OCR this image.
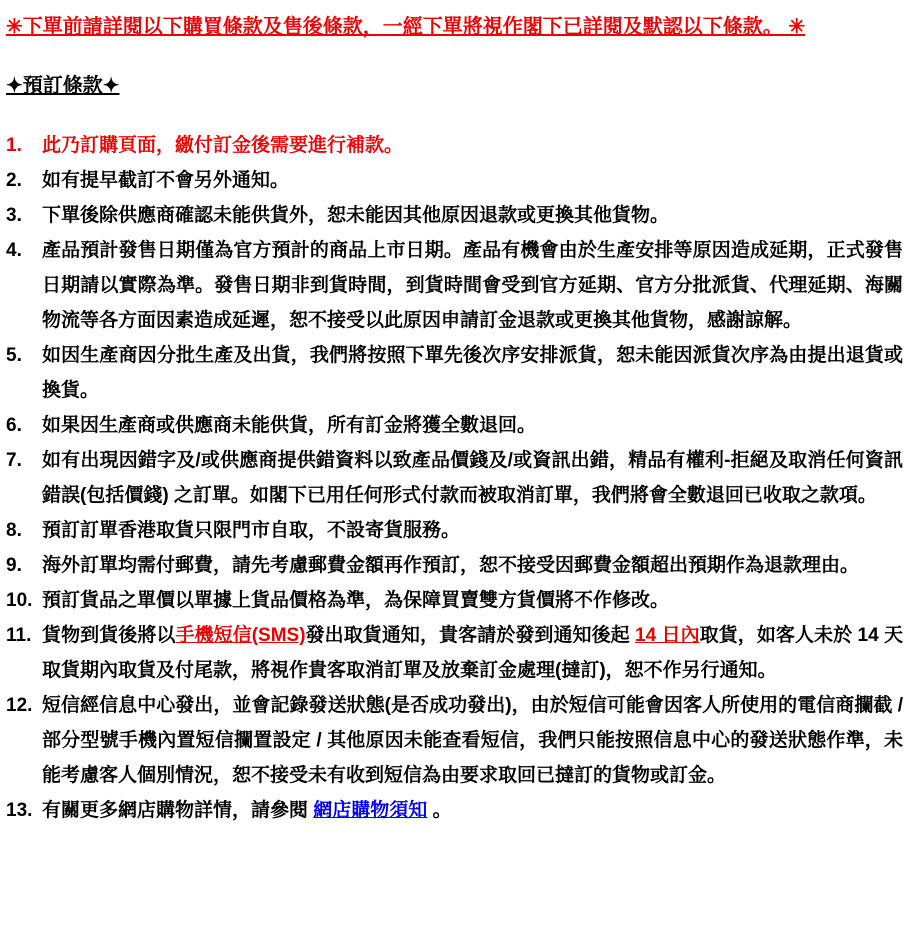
✳下單前請詳閱以下購買條款及售後條款，一經下單將視作閣下已詳閱及默認以下條款。 ✳
✦預訂條款✦
1.	此乃訂購頁面，繳付訂金後需要進行補款。
2.	如有提早截訂不會另外通知。
3.	下單後除供應商確認未能供貨外，恕未能因其他原因退款或更換其他貨物。
4.	產品預計發售日期僅為官方預計的商品上市日期。產品有機會由於生產安排等原因造成延期，正式發售日期請以實際為準。發售日期非到貨時間，到貨時間會受到官方延期、官方分批派貨、代理延期、海關物流等各方面因素造成延遲，恕不接受以此原因申請訂金退款或更換其他貨物，感謝諒解。
5.	如因生產商因分批生產及出貨，我們將按照下單先後次序安排派貨，恕未能因派貨次序為由提出退貨或換貨。
6.	如果因生產商或供應商未能供貨，所有訂金將獲全數退回。
7.	如有出現因錯字及/或供應商提供錯資料以致產品價錢及/或資訊出錯，精品有權利-拒絕及取消任何資訊錯誤(包括價錢) 之訂單。如閣下已用任何形式付款而被取消訂單，我們將會全數退回已收取之款項。
8.	預訂訂單香港取貨只限門市自取，不設寄貨服務。
9.	海外訂單均需付郵費，請先考慮郵費金額再作預訂，恕不接受因郵費金額超出預期作為退款理由。
10. 預訂貨品之單價以單據上貨品價格為準，為保障買賣雙方貨價將不作修改。
11. 貨物到貨後將以手機短信(SMS)發出取貨通知，貴客請於發到通知後起 14 日內取貨，如客人未於 14 天取貨期內取貨及付尾款，將視作貴客取消訂單及放棄訂金處理(撻訂)，恕不作另行通知。
12. 短信經信息中心發出，並會記錄發送狀態(是否成功發出)，由於短信可能會因客人所使用的電信商攔截 / 部分型號手機內置短信攔置設定 / 其他原因未能查看短信，我們只能按照信息中心的發送狀態作準，未能考慮客人個別情況，恕不接受未有收到短信為由要求取回已撻訂的貨物或訂金。
13. 有關更多網店購物詳情，請參閱 網店購物須知 。
